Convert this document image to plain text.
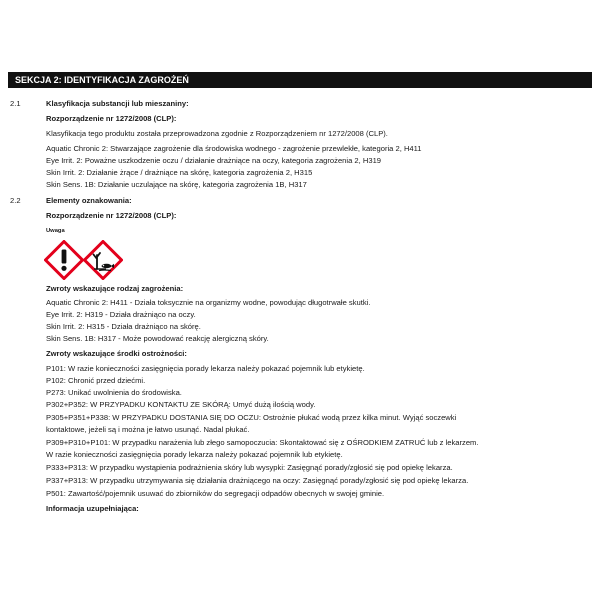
SEKCJA 2: IDENTYFIKACJA ZAGROŻEŃ
2.1	Klasyfikacja substancji lub mieszaniny:
Rozporządzenie nr 1272/2008 (CLP):
Klasyfikacja tego produktu została przeprowadzona zgodnie z Rozporządzeniem nr 1272/2008 (CLP).
Aquatic Chronic 2: Stwarzające zagrożenie dla środowiska wodnego - zagrożenie przewlekłe, kategoria 2, H411
Eye Irrit. 2: Poważne uszkodzenie oczu / działanie drażniące na oczy, kategoria zagrożenia 2, H319
Skin Irrit. 2: Działanie żrące / drażniące na skórę, kategoria zagrożenia 2, H315
Skin Sens. 1B: Działanie uczulające na skórę, kategoria zagrożenia 1B, H317
2.2	Elementy oznakowania:
Rozporządzenie nr 1272/2008 (CLP):
Uwaga
Zwroty wskazujące rodzaj zagrożenia:
Aquatic Chronic 2: H411 - Działa toksycznie na organizmy wodne, powodując długotrwałe skutki.
Eye Irrit. 2: H319 - Działa drażniąco na oczy.
Skin Irrit. 2: H315 - Działa drażniąco na skórę.
Skin Sens. 1B: H317 - Może powodować reakcję alergiczną skóry.
Zwroty wskazujące środki ostrożności:
P101: W razie konieczności zasięgnięcia porady lekarza należy pokazać pojemnik lub etykietę.
P102: Chronić przed dziećmi.
P273: Unikać uwolnienia do środowiska.
P302+P352: W PRZYPADKU KONTAKTU ZE SKÓRĄ: Umyć dużą ilością wody.
P305+P351+P338: W PRZYPADKU DOSTANIA SIĘ DO OCZU: Ostrożnie płukać wodą przez kilka minut. Wyjąć soczewki
kontaktowe, jeżeli są i można je łatwo usunąć. Nadal płukać.
P309+P310+P101: W przypadku narażenia lub złego samopoczucia: Skontaktować się z OŚRODKIEM ZATRUĆ lub z lekarzem.
W razie konieczności zasięgnięcia porady lekarza należy pokazać pojemnik lub etykietę.
P333+P313: W przypadku wystąpienia podrażnienia skóry lub wysypki: Zasięgnąć porady/zgłosić się pod opiekę lekarza.
P337+P313: W przypadku utrzymywania się działania drażniącego na oczy: Zasięgnąć porady/zgłosić się pod opiekę lekarza.
P501: Zawartość/pojemnik usuwać do zbiorników do segregacji odpadów obecnych w swojej gminie.
Informacja uzupełniająca:
